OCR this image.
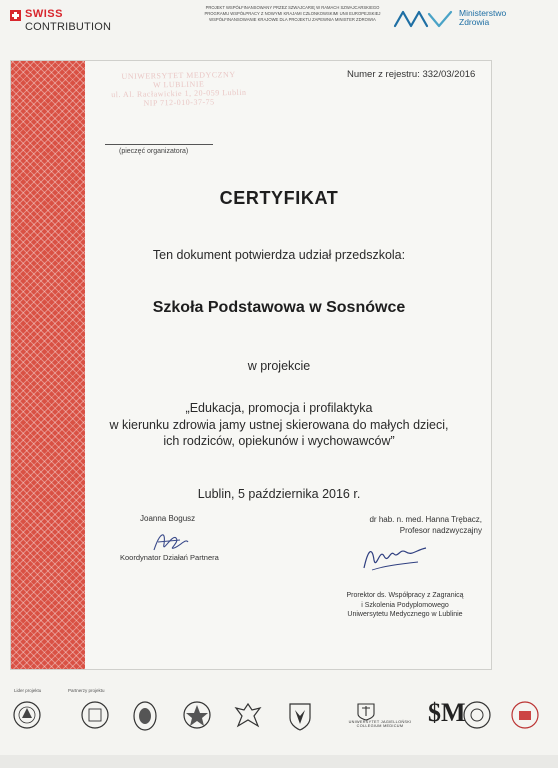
SWISS
CONTRIBUTION
PROJEKT WSPÓŁFINANSOWANY PRZEZ SZWAJCARIĘ W RAMACH SZWAJCARSKIEGO
PROGRAMU WSPÓŁPRACY Z NOWYMI KRAJAMI CZŁONKOWSKIMI UNII EUROPEJSKIEJ
WSPÓŁFINANSOWANIE KRAJOWE DLA PROJEKTU ZAPEWNIA MINISTER ZDROWIA
Ministerstwo
Zdrowia
UNIWERSYTET MEDYCZNY
W LUBLINIE
ul. Al. Racławickie 1, 20-059 Lublin
NIP 712-010-37-75
Numer z rejestru: 332/03/2016
(pieczęć organizatora)
CERTYFIKAT
Ten dokument potwierdza udział przedszkola:
Szkoła Podstawowa w Sosnówce
w projekcie
„Edukacja, promocja i profilaktyka
w kierunku zdrowia jamy ustnej skierowana do małych dzieci,
ich rodziców, opiekunów i wychowawców”
Lublin, 5 października 2016 r.
Joanna Bogusz
Koordynator Działań Partnera
dr hab. n. med. Hanna Trębacz,
Profesor nadzwyczajny
Prorektor ds. Współpracy z Zagranicą
i Szkolenia Podyplomowego
Uniwersytetu Medycznego w Lublinie
Lider projektu	Partnerzy projektu
UNIWERSYTET JAGIELLOŃSKI COLLEGIUM MEDICUM $M
